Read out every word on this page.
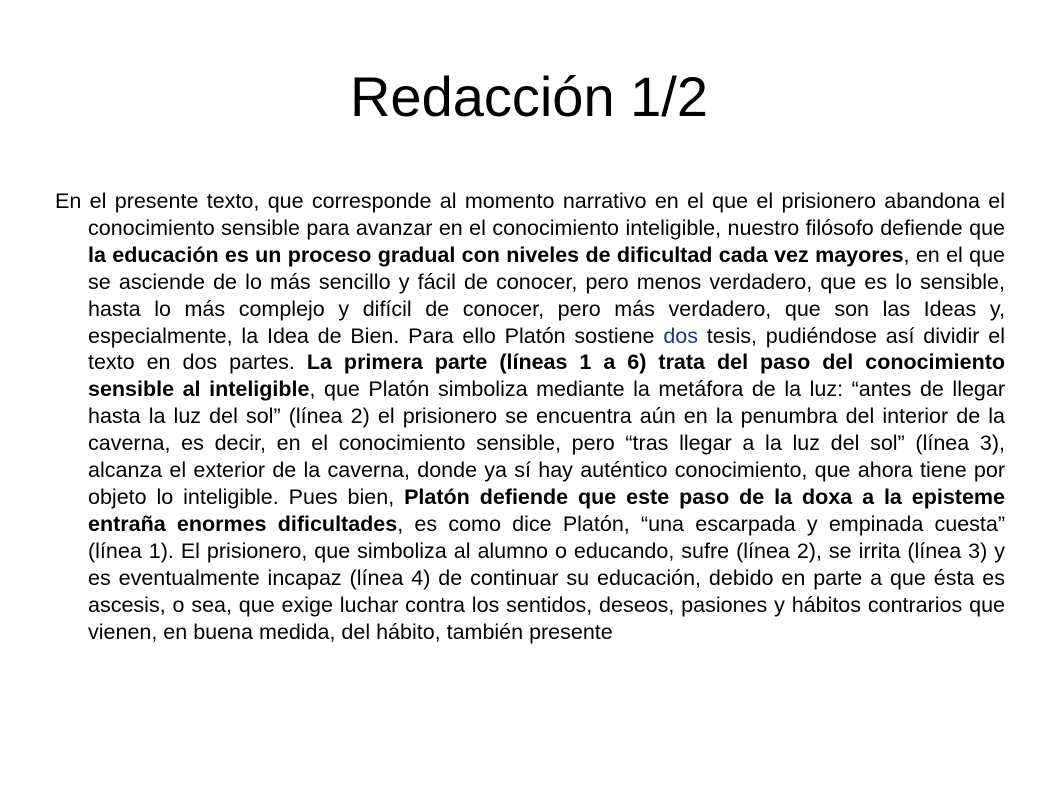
Redacción 1/2

En el presente texto, que corresponde al momento narrativo en el que el prisionero abandona el conocimiento sensible para avanzar en el conocimiento inteligible, nuestro filósofo defiende que la educación es un proceso gradual con niveles de dificultad cada vez mayores, en el que se asciende de lo más sencillo y fácil de conocer, pero menos verdadero, que es lo sensible, hasta lo más complejo y difícil de conocer, pero más verdadero, que son las Ideas y, especialmente, la Idea de Bien. Para ello Platón sostiene dos tesis, pudiéndose así dividir el texto en dos partes. La primera parte (líneas 1 a 6) trata del paso del conocimiento sensible al inteligible, que Platón simboliza mediante la metáfora de la luz: “antes de llegar hasta la luz del sol” (línea 2) el prisionero se encuentra aún en la penumbra del interior de la caverna, es decir, en el conocimiento sensible, pero “tras llegar a la luz del sol” (línea 3), alcanza el exterior de la caverna, donde ya sí hay auténtico conocimiento, que ahora tiene por objeto lo inteligible. Pues bien, Platón defiende que este paso de la doxa a la episteme entraña enormes dificultades, es como dice Platón, “una escarpada y empinada cuesta” (línea 1). El prisionero, que simboliza al alumno o educando, sufre (línea 2), se irrita (línea 3) y es eventualmente incapaz (línea 4) de continuar su educación, debido en parte a que ésta es ascesis, o sea, que exige luchar contra los sentidos, deseos, pasiones y hábitos contrarios que vienen, en buena medida, del hábito, también presente
